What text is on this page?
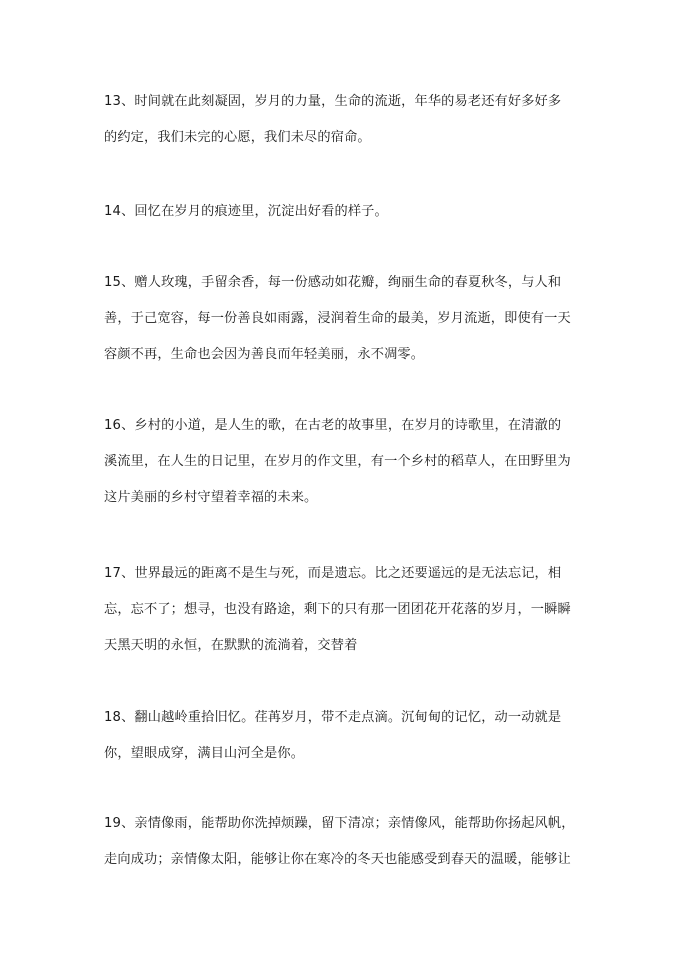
13、时间就在此刻凝固，岁月的力量，生命的流逝，年华的易老还有好多好多
的约定，我们未完的心愿，我们未尽的宿命。
14、回忆在岁月的痕迹里，沉淀出好看的样子。
15、赠人玫瑰，手留余香，每一份感动如花瓣，绚丽生命的春夏秋冬，与人和
善，于己宽容，每一份善良如雨露，浸润着生命的最美，岁月流逝，即使有一天
容颜不再，生命也会因为善良而年轻美丽，永不凋零。
16、乡村的小道，是人生的歌，在古老的故事里，在岁月的诗歌里，在清澈的
溪流里，在人生的日记里，在岁月的作文里，有一个乡村的稻草人，在田野里为
这片美丽的乡村守望着幸福的未来。
17、世界最远的距离不是生与死，而是遗忘。比之还要遥远的是无法忘记，相
忘，忘不了；想寻，也没有路途，剩下的只有那一团团花开花落的岁月，一瞬瞬
天黑天明的永恒，在默默的流淌着，交替着
18、翻山越岭重拾旧忆。荏苒岁月，带不走点滴。沉甸甸的记忆，动一动就是
你，望眼成穿，满目山河全是你。
19、亲情像雨，能帮助你洗掉烦躁，留下清凉；亲情像风，能帮助你扬起风帆，
走向成功；亲情像太阳，能够让你在寒冷的冬天也能感受到春天的温暖，能够让
